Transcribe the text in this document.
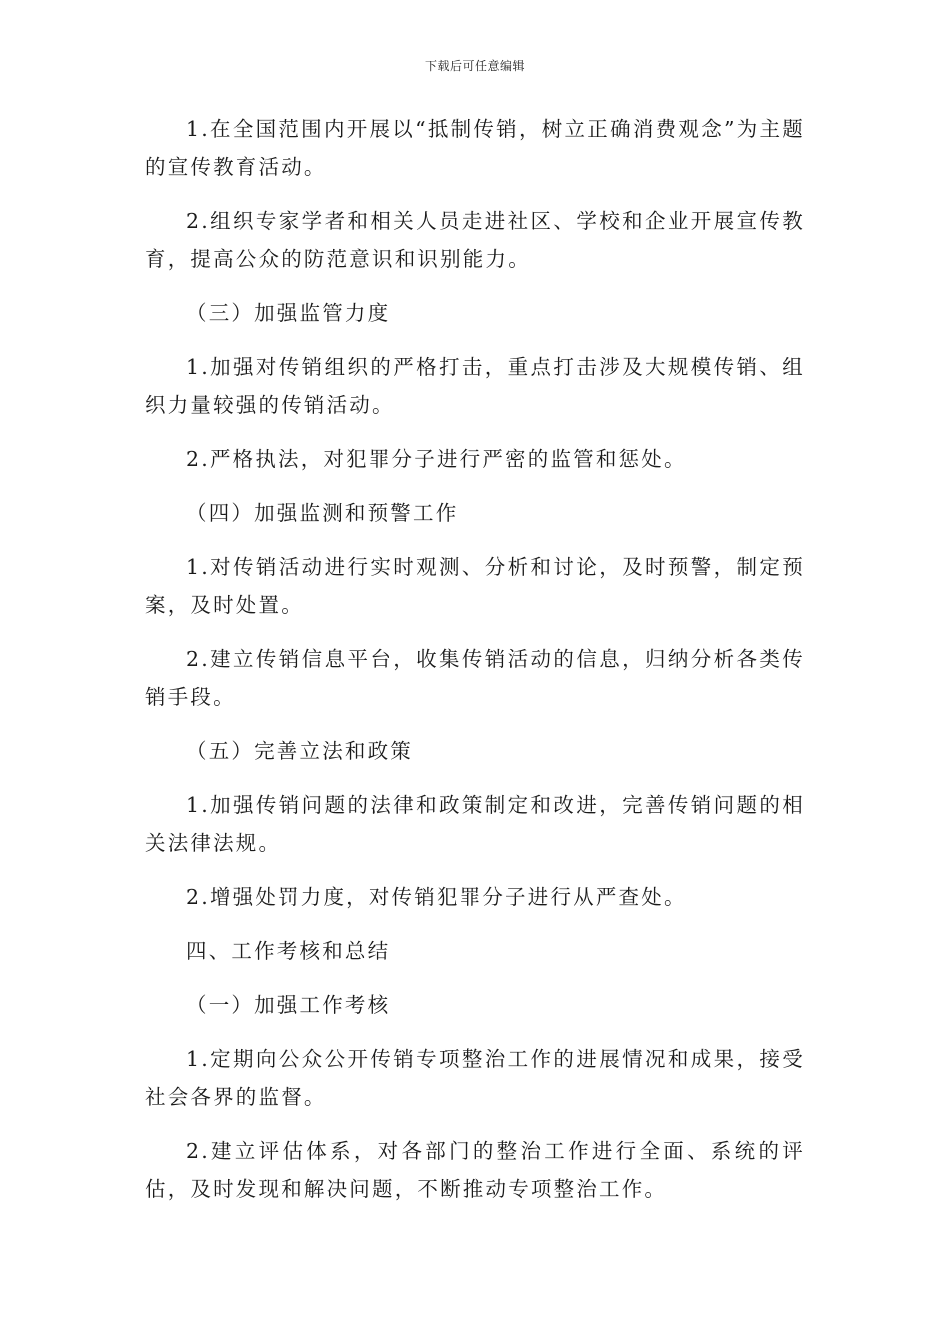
下载后可任意编辑

1.在全国范围内开展以“抵制传销，树立正确消费观念”为主题的宣传教育活动。

2.组织专家学者和相关人员走进社区、学校和企业开展宣传教育，提高公众的防范意识和识别能力。

（三）加强监管力度

1.加强对传销组织的严格打击，重点打击涉及大规模传销、组织力量较强的传销活动。

2.严格执法，对犯罪分子进行严密的监管和惩处。

（四）加强监测和预警工作

1.对传销活动进行实时观测、分析和讨论，及时预警，制定预案，及时处置。

2.建立传销信息平台，收集传销活动的信息，归纳分析各类传销手段。

（五）完善立法和政策

1.加强传销问题的法律和政策制定和改进，完善传销问题的相关法律法规。

2.增强处罚力度，对传销犯罪分子进行从严查处。

四、工作考核和总结

（一）加强工作考核

1.定期向公众公开传销专项整治工作的进展情况和成果，接受社会各界的监督。

2.建立评估体系，对各部门的整治工作进行全面、系统的评估，及时发现和解决问题，不断推动专项整治工作。
